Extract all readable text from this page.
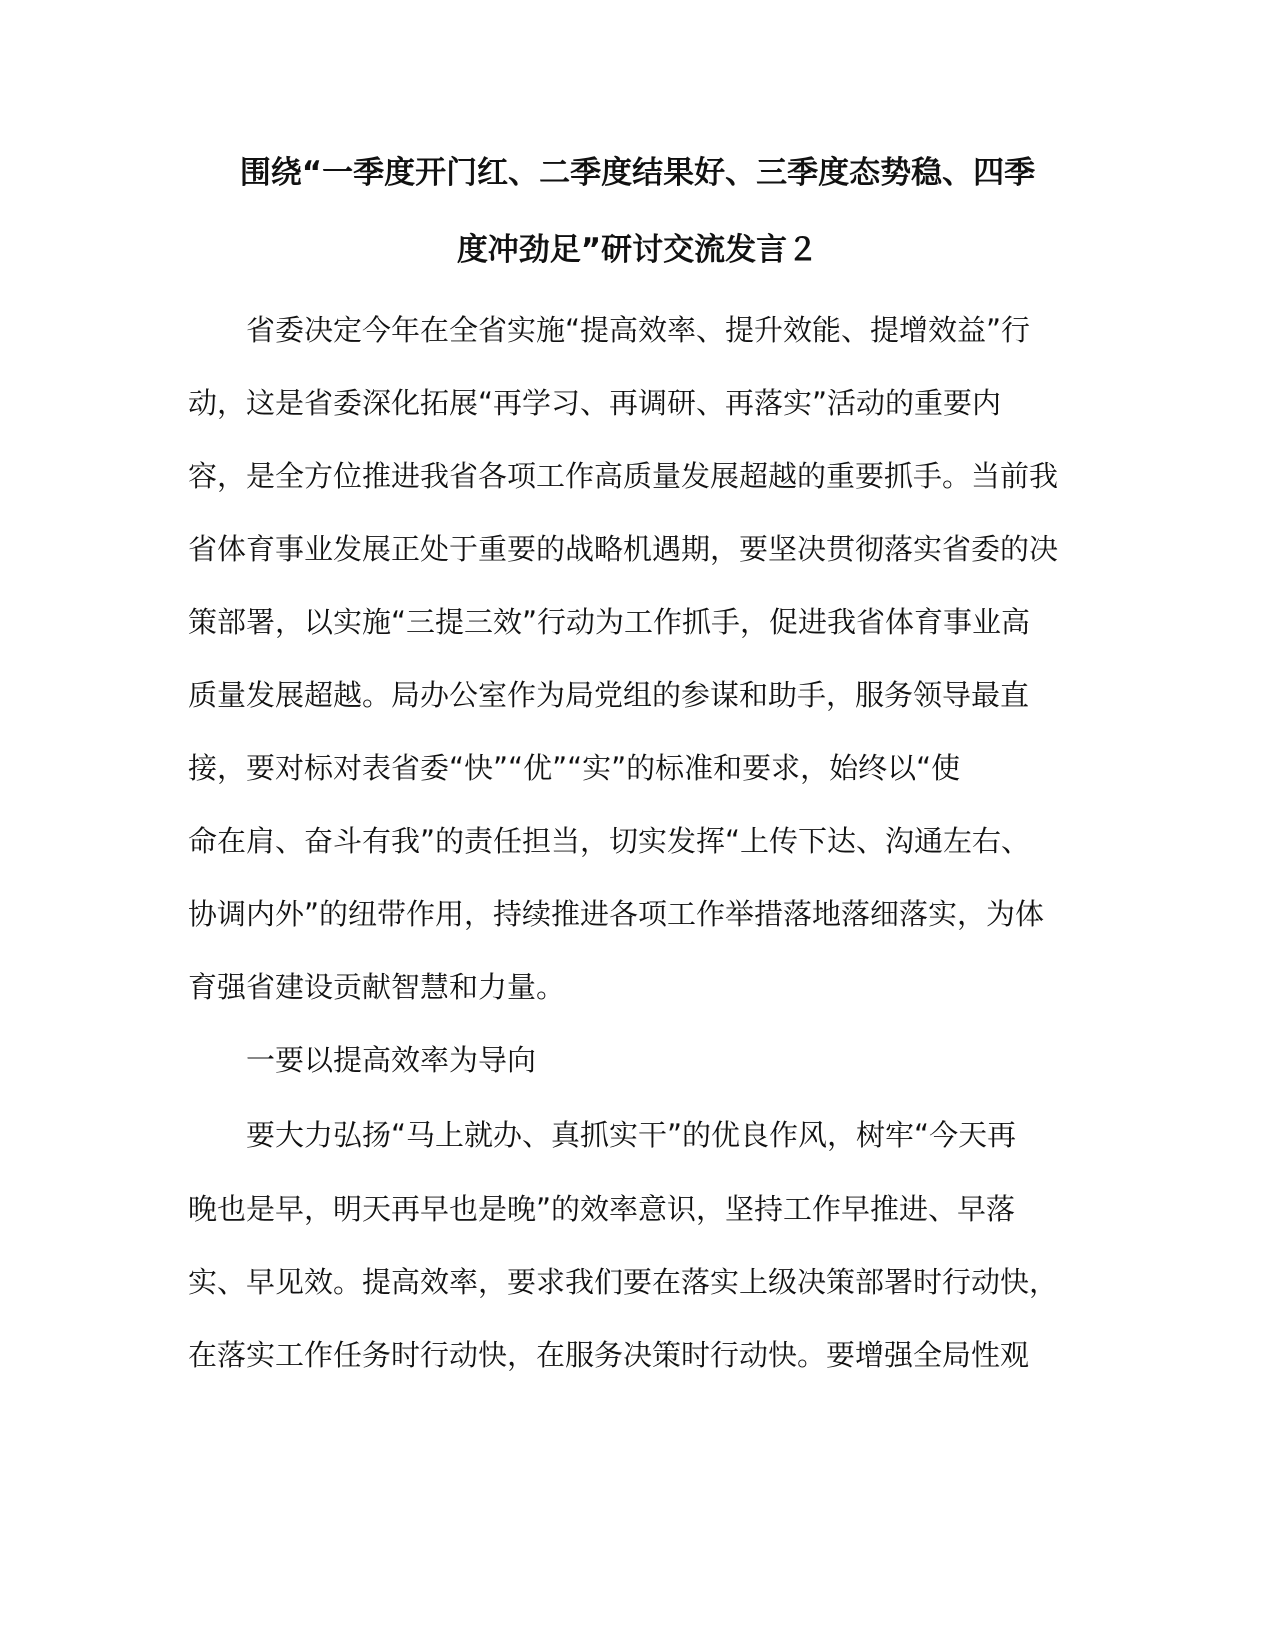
围绕“一季度开门红、二季度结果好、三季度态势稳、四季
度冲劲足”研讨交流发言２
省委决定今年在全省实施“提高效率、提升效能、提增效益”行
动，这是省委深化拓展“再学习、再调研、再落实”活动的重要内
容，是全方位推进我省各项工作高质量发展超越的重要抓手。当前我
省体育事业发展正处于重要的战略机遇期，要坚决贯彻落实省委的决
策部署，以实施“三提三效”行动为工作抓手，促进我省体育事业高
质量发展超越。局办公室作为局党组的参谋和助手，服务领导最直
接，要对标对表省委“快”“优”“实”的标准和要求，始终以“使
命在肩、奋斗有我”的责任担当，切实发挥“上传下达、沟通左右、
协调内外”的纽带作用，持续推进各项工作举措落地落细落实，为体
育强省建设贡献智慧和力量。
一要以提高效率为导向
要大力弘扬“马上就办、真抓实干”的优良作风，树牢“今天再
晚也是早，明天再早也是晚”的效率意识，坚持工作早推进、早落
实、早见效。提高效率，要求我们要在落实上级决策部署时行动快，
在落实工作任务时行动快，在服务决策时行动快。要增强全局性观
